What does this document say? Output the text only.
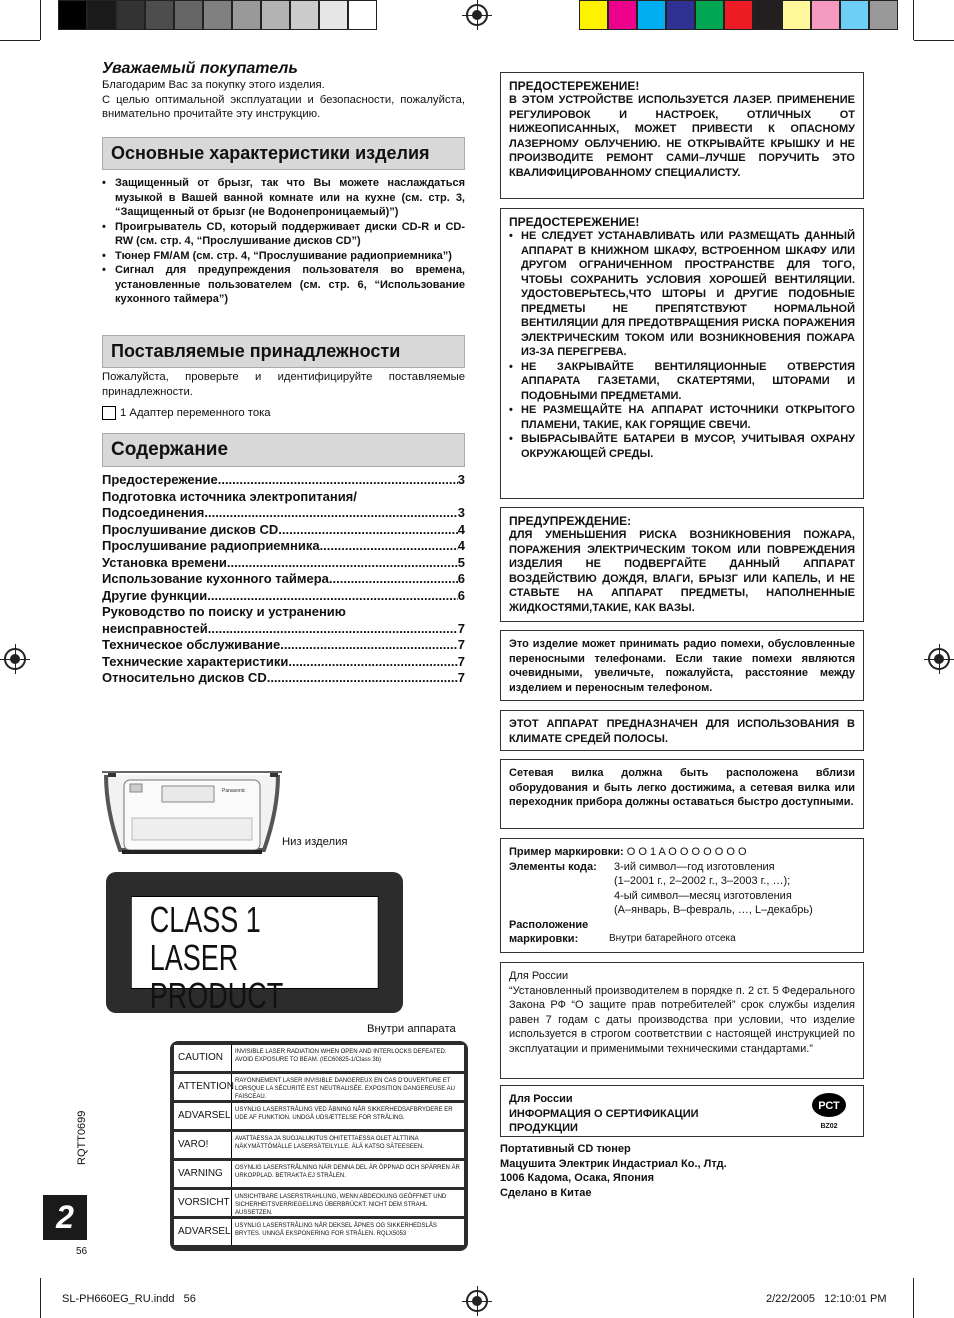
Уважаемый покупатель
Благодарим Вас за покупку этого изделия.
С целью оптимальной эксплуатации и безопасности, пожалуйста, внимательно прочитайте эту инструкцию.
Основные характеристики изделия
• Защищенный от брызг, так что Вы можете наслаждаться музыкой в Вашей ванной комнате или на кухне (см. стр. 3, “Защищенный от брызг (не Водонепроницаемый)”)
• Проигрыватель CD, который поддерживает диски CD-R и CD-RW (см. стр. 4, “Прослушивание дисков CD”)
• Тюнер FM/AM (см. стр. 4, “Прослушивание радиоприемника”)
• Сигнал для предупреждения пользователя во времена, установленные пользователем (см. стр. 6, “Использование кухонного таймера”)
Поставляемые принадлежности
Пожалуйста, проверьте и идентифицируйте поставляемые принадлежности.
1 Адаптер переменного тока
Содержание
Предостережение .....	3
Подготовка источника электропитания/
Подсоединения .....	3
Прослушивание дисков CD .....	4
Прослушивание радиоприемника .....	4
Установка времени .....	5
Использование кухонного таймера .....	6
Другие функции .....	6
Руководство по поиску и устранению
неисправностей .....	7
Техническое обслуживание .....	7
Технические характеристики .....	7
Относительно дисков CD .....	7
Panasonic
Низ изделия
CLASS 1
LASER PRODUCT
Внутри аппарата
CAUTION	INVISIBLE LASER RADIATION WHEN OPEN AND INTERLOCKS DEFEATED. AVOID EXPOSURE TO BEAM. (IEC60825-1/Class 3b)
ATTENTION RAYONNEMENT LASER INVISIBLE DANGEREUX EN CAS D'OUVERTURE ET LORSQUE LA SÉCURITÉ EST NEUTRALISÉE. EXPOSITION DANGEREUSE AU FAISCEAU.
ADVARSEL USYNLIG LASERSTRÅLING VED ÅBNING NÅR SIKKERHEDSAFBRYDERE ER UDE AF FUNKTION. UNDGÅ UDSÆTTELSE FOR STRÅLING.
VARO!	AVATTAESSA JA SUOJALUKITUS OHITETTAESSA OLET ALTTIINA NÄKYMÄTTÖMÄLLE LASERSÄTEILYLLE. ÄLÄ KATSO SÄTEESEEN.
VARNING	OSYNLIG LASERSTRÅLNING NÄR DENNA DEL ÄR ÖPPNAD OCH SPÄRREN ÄR URKOPPLAD. BETRAKTA EJ STRÅLEN.
VORSICHT UNSICHTBARE LASERSTRAHLUNG, WENN ABDECKUNG GEÖFFNET UND SICHERHEITSVERRIEGELUNG ÜBERBRÜCKT. NICHT DEM STRAHL AUSSETZEN.
ADVARSEL USYNLIG LASERSTRÅLING NÅR DEKSEL ÅPNES OG SIKKERHEDSLÅS BRYTES. UNNGÅ EKSPONERING FOR STRÅLEN. RQLX5053
2
RQTT0699
56
ПРЕДОСТЕРЕЖЕНИЕ!
В ЭТОМ УСТРОЙСТВЕ ИСПОЛЬЗУЕТСЯ ЛАЗЕР. ПРИМЕНЕНИЕ РЕГУЛИРОВОК И НАСТРОЕК, ОТЛИЧНЫХ ОТ НИЖЕОПИСАННЫХ, МОЖЕТ ПРИВЕСТИ К ОПАСНОМУ ЛАЗЕРНОМУ ОБЛУЧЕНИЮ. НЕ ОТКРЫВАЙТЕ КРЫШКУ И НЕ ПРОИЗВОДИТЕ РЕМОНТ САМИ–ЛУЧШЕ ПОРУЧИТЬ ЭТО КВАЛИФИЦИРОВАННОМУ СПЕЦИАЛИСТУ.
ПРЕДОСТЕРЕЖЕНИЕ!
• НЕ СЛЕДУЕТ УСТАНАВЛИВАТЬ ИЛИ РАЗМЕЩАТЬ ДАННЫЙ АППАРАТ В КНИЖНОМ ШКАФУ, ВСТРОЕННОМ ШКАФУ ИЛИ ДРУГОМ ОГРАНИЧЕННОМ ПРОСТРАНСТВЕ ДЛЯ ТОГО, ЧТОБЫ СОХРАНИТЬ УСЛОВИЯ ХОРОШЕЙ ВЕНТИЛЯЦИИ. УДОСТОВЕРЬТЕСЬ,ЧТО ШТОРЫ И ДРУГИЕ ПОДОБНЫЕ ПРЕДМЕТЫ НЕ ПРЕПЯТСТВУЮТ НОРМАЛЬНОЙ ВЕНТИЛЯЦИИ ДЛЯ ПРЕДОТВРАЩЕНИЯ РИСКА ПОРАЖЕНИЯ ЭЛЕКТРИЧЕСКИМ ТОКОМ ИЛИ ВОЗНИКНОВЕНИЯ ПОЖАРА ИЗ-ЗА ПЕРЕГРЕВА.
• НЕ ЗАКРЫВАЙТЕ ВЕНТИЛЯЦИОННЫЕ ОТВЕРСТИЯ АППАРАТА ГАЗЕТАМИ, СКАТЕРТЯМИ, ШТОРАМИ И ПОДОБНЫМИ ПРЕДМЕТАМИ.
• НЕ РАЗМЕЩАЙТЕ НА АППАРАТ ИСТОЧНИКИ ОТКРЫТОГО ПЛАМЕНИ, ТАКИЕ, КАК ГОРЯЩИЕ СВЕЧИ.
• ВЫБРАСЫВАЙТЕ БАТАРЕИ В МУСОР, УЧИТЫВАЯ ОХРАНУ ОКРУЖАЮЩЕЙ СРЕДЫ.
ПРЕДУПРЕЖДЕНИЕ:
ДЛЯ УМЕНЬШЕНИЯ РИСКА ВОЗНИКНОВЕНИЯ ПОЖАРА, ПОРАЖЕНИЯ ЭЛЕКТРИЧЕСКИМ ТОКОМ ИЛИ ПОВРЕЖДЕНИЯ ИЗДЕЛИЯ НЕ ПОДВЕРГАЙТЕ ДАННЫЙ АППАРАТ ВОЗДЕЙСТВИЮ ДОЖДЯ, ВЛАГИ, БРЫЗГ ИЛИ КАПЕЛЬ, И НЕ СТАВЬТЕ НА АППАРАТ ПРЕДМЕТЫ, НАПОЛНЕННЫЕ ЖИДКОСТЯМИ,ТАКИЕ, КАК ВАЗЫ.
Это изделие может принимать радио помехи, обусловленные переносными телефонами. Если такие помехи являются очевидными, увеличьте, пожалуйста, расстояние между изделием и переносным телефоном.
ЭТОТ АППАРАТ ПРЕДНАЗНАЧЕН ДЛЯ ИСПОЛЬЗОВАНИЯ В КЛИМАТЕ СРЕДЕЙ ПОЛОСЫ.
Сетевая вилка должна быть расположена вблизи оборудования и быть легко достижима, а сетевая вилка или переходник прибора должны оставаться быстро доступными.
Пример маркировки: O O 1 A O O O O O O O
Элементы кода:	3-ий символ—год изготовления
(1–2001 г., 2–2002 г., 3–2003 г., …);
4-ый символ—месяц изготовления
(А–январь, В–февраль, …, L–декабрь)
Расположение
маркировки:	Внутри батарейного отсека
Для России
“Установленный производителем в порядке п. 2 ст. 5 Федерального Закона РФ “О защите прав потребителей” срок службы изделия равен 7 годам с даты производства при условии, что изделие используется в строгом соответствии с настоящей инструкцией по эксплуатации и применимыми техническими стандартами.”
Для России
ИНФОРМАЦИЯ О СЕРТИФИКАЦИИ
ПРОДУКЦИИ
РСТ
BZ02
Портативный CD тюнер
Мацушита Электрик Индастриал Ко., Лтд.
1006 Кадома, Осака, Япония
Сделано в Китае
SL-PH660EG_RU.indd   56	2/22/2005   12:10:01 PM
